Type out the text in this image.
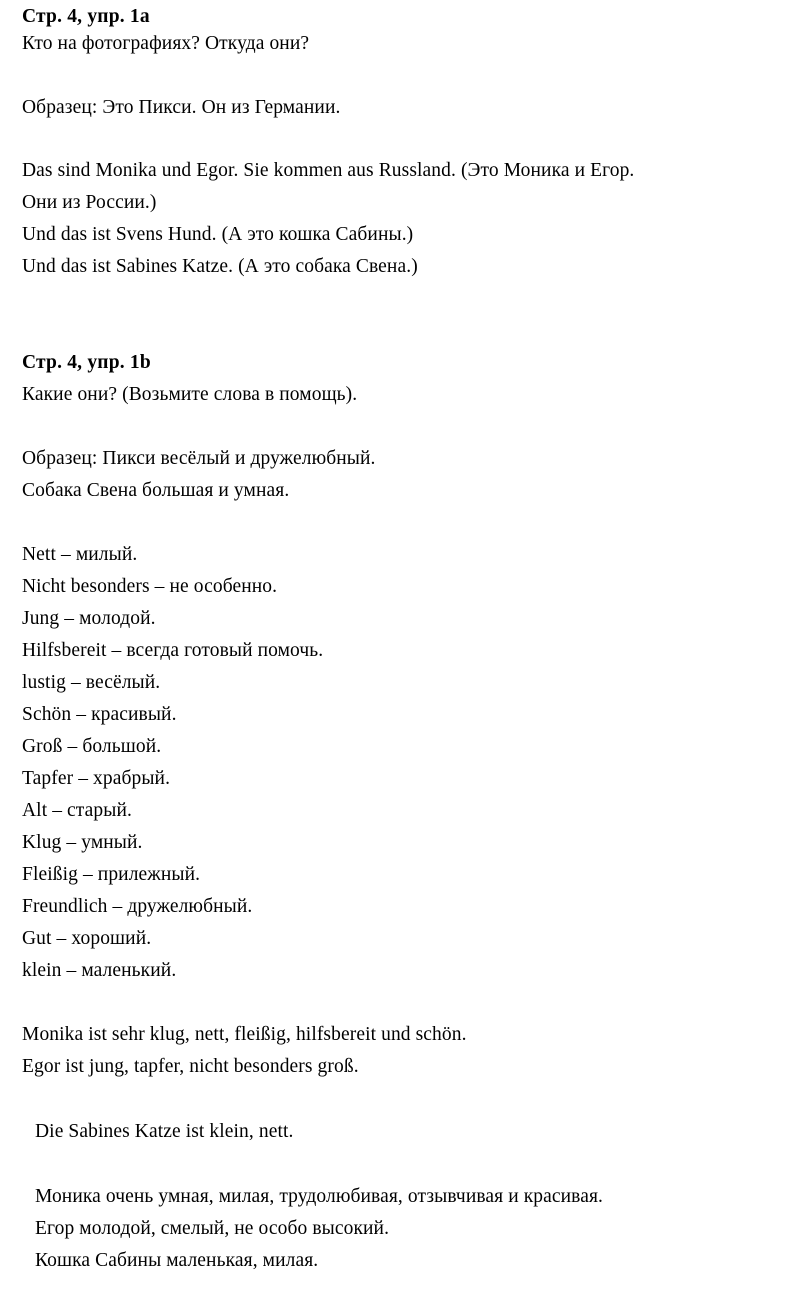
Стр. 4, упр. 1a
Кто на фотографиях? Откуда они?
Образец: Это Пикси. Он из Германии.
Das sind Monika und Egor. Sie kommen aus Russland. (Это Моника и Егор.
Они из России.)
Und das ist Svens Hund. (А это кошка Сабины.)
Und das ist Sabines Katze. (А это собака Свена.)
Стр. 4, упр. 1b
Какие они? (Возьмите слова в помощь).
Образец: Пикси весёлый и дружелюбный.
Собака Свена большая и умная.
Nett – милый.
Nicht besonders – не особенно.
Jung – молодой.
Hilfsbereit – всегда готовый помочь.
lustig – весёлый.
Schön – красивый.
Groß – большой.
Tapfer – храбрый.
Alt – старый.
Klug – умный.
Fleißig – прилежный.
Freundlich – дружелюбный.
Gut – хороший.
klein – маленький.
Monika ist sehr klug, nett, fleißig, hilfsbereit und schön.
Egor ist jung, tapfer, nicht besonders groß.
Die Sabines Katze ist klein, nett.
Моника очень умная, милая, трудолюбивая, отзывчивая и красивая.
Егор молодой, смелый, не особо высокий.
Кошка Сабины маленькая, милая.
